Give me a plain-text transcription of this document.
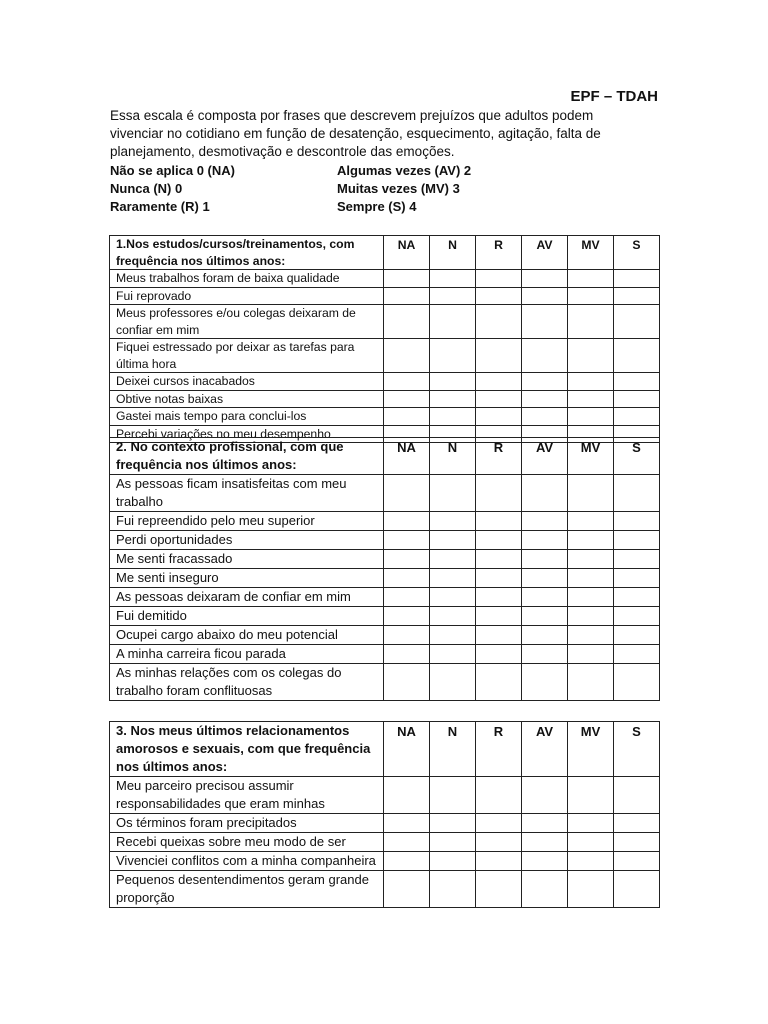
EPF – TDAH
Essa escala é composta por frases que descrevem prejuízos que adultos podem vivenciar no cotidiano em função de desatenção, esquecimento, agitação, falta de planejamento, desmotivação e descontrole das emoções.
Não se aplica 0 (NA)	Algumas vezes (AV) 2
Nunca (N) 0	Muitas vezes (MV) 3
Raramente (R) 1	Sempre (S) 4
1.Nos estudos/cursos/treinamentos, com frequência nos últimos anos:	NA	N	R	AV	MV	S
Meus trabalhos foram de baixa qualidade						
Fui reprovado						
Meus professores e/ou colegas deixaram de confiar em mim						
Fiquei estressado por deixar as tarefas para última hora						
Deixei cursos inacabados						
Obtive notas baixas						
Gastei mais tempo para conclui-los						
Percebi variações no meu desempenho						
2. No contexto profissional, com que frequência nos últimos anos:	NA	N	R	AV	MV	S
As pessoas ficam insatisfeitas com meu trabalho						
Fui repreendido pelo meu superior						
Perdi oportunidades						
Me senti fracassado						
Me senti inseguro						
As pessoas deixaram de confiar em mim						
Fui demitido						
Ocupei cargo abaixo do meu potencial						
A minha carreira ficou parada						
As minhas relações com os colegas do trabalho foram conflituosas						
3. Nos meus últimos relacionamentos amorosos e sexuais, com que frequência nos últimos anos:	NA	N	R	AV	MV	S
Meu parceiro precisou assumir responsabilidades que eram minhas						
Os términos foram precipitados						
Recebi queixas sobre meu modo de ser						
Vivenciei conflitos com a minha companheira						
Pequenos desentendimentos geram grande proporção						
